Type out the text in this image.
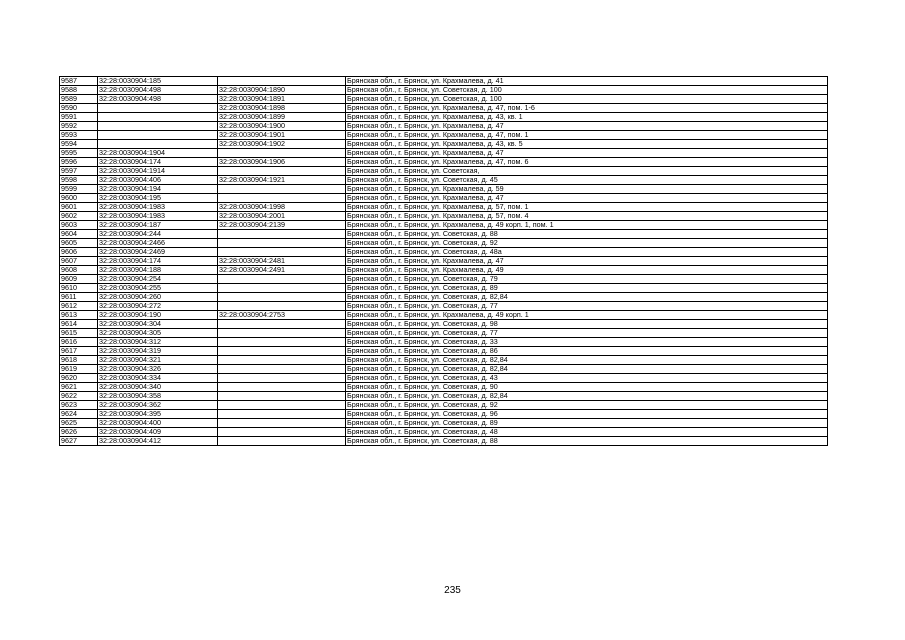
9587	32:28:0030904:185		Брянская обл., г. Брянск, ул. Крахмалева, д. 41
9588	32:28:0030904:498	32:28:0030904:1890	Брянская обл., г. Брянск, ул. Советская, д. 100
9589	32:28:0030904:498	32:28:0030904:1891	Брянская обл., г. Брянск, ул. Советская, д. 100
9590		32:28:0030904:1898	Брянская обл., г. Брянск, ул. Крахмалева, д. 47, пом. 1-6
9591		32:28:0030904:1899	Брянская обл., г. Брянск, ул. Крахмалева, д. 43, кв. 1
9592		32:28:0030904:1900	Брянская обл., г. Брянск, ул. Крахмалева, д. 47
9593		32:28:0030904:1901	Брянская обл., г. Брянск, ул. Крахмалева, д. 47, пом. 1
9594		32:28:0030904:1902	Брянская обл., г. Брянск, ул. Крахмалева, д. 43, кв. 5
9595	32:28:0030904:1904		Брянская обл., г. Брянск, ул. Крахмалева, д. 47
9596	32:28:0030904:174	32:28:0030904:1906	Брянская обл., г. Брянск, ул. Крахмалева, д. 47, пом. 6
9597	32:28:0030904:1914		Брянская обл., г. Брянск, ул. Советская,
9598	32:28:0030904:406	32:28:0030904:1921	Брянская обл., г. Брянск, ул. Советская, д. 45
9599	32:28:0030904:194		Брянская обл., г. Брянск, ул. Крахмалева, д. 59
9600	32:28:0030904:195		Брянская обл., г. Брянск, ул. Крахмалева, д. 47
9601	32:28:0030904:1983	32:28:0030904:1998	Брянская обл., г. Брянск, ул. Крахмалева, д. 57, пом. 1
9602	32:28:0030904:1983	32:28:0030904:2001	Брянская обл., г. Брянск, ул. Крахмалева, д. 57, пом. 4
9603	32:28:0030904:187	32:28:0030904:2139	Брянская обл., г. Брянск, ул. Крахмалева, д. 49 корп. 1, пом. 1
9604	32:28:0030904:244		Брянская обл., г. Брянск, ул. Советская, д. 88
9605	32:28:0030904:2466		Брянская обл., г. Брянск, ул. Советская, д. 92
9606	32:28:0030904:2469		Брянская обл., г. Брянск, ул. Советская, д. 48а
9607	32:28:0030904:174	32:28:0030904:2481	Брянская обл., г. Брянск, ул. Крахмалева, д. 47
9608	32:28:0030904:188	32:28:0030904:2491	Брянская обл., г. Брянск, ул. Крахмалева, д. 49
9609	32:28:0030904:254		Брянская обл., г. Брянск, ул. Советская, д. 79
9610	32:28:0030904:255		Брянская обл., г. Брянск, ул. Советская, д. 89
9611	32:28:0030904:260		Брянская обл., г. Брянск, ул. Советская, д. 82,84
9612	32:28:0030904:272		Брянская обл., г. Брянск, ул. Советская, д. 77
9613	32:28:0030904:190	32:28:0030904:2753	Брянская обл., г. Брянск, ул. Крахмалева, д. 49 корп. 1
9614	32:28:0030904:304		Брянская обл., г. Брянск, ул. Советская, д. 98
9615	32:28:0030904:305		Брянская обл., г. Брянск, ул. Советская, д. 77
9616	32:28:0030904:312		Брянская обл., г. Брянск, ул. Советская, д. 33
9617	32:28:0030904:319		Брянская обл., г. Брянск, ул. Советская, д. 86
9618	32:28:0030904:321		Брянская обл., г. Брянск, ул. Советская, д. 82,84
9619	32:28:0030904:326		Брянская обл., г. Брянск, ул. Советская, д. 82,84
9620	32:28:0030904:334		Брянская обл., г. Брянск, ул. Советская, д. 43
9621	32:28:0030904:340		Брянская обл., г. Брянск, ул. Советская, д. 90
9622	32:28:0030904:358		Брянская обл., г. Брянск, ул. Советская, д. 82,84
9623	32:28:0030904:362		Брянская обл., г. Брянск, ул. Советская, д. 92
9624	32:28:0030904:395		Брянская обл., г. Брянск, ул. Советская, д. 96
9625	32:28:0030904:400		Брянская обл., г. Брянск, ул. Советская, д. 89
9626	32:28:0030904:409		Брянская обл., г. Брянск, ул. Советская, д. 48
9627	32:28:0030904:412		Брянская обл., г. Брянск, ул. Советская, д. 88
235
